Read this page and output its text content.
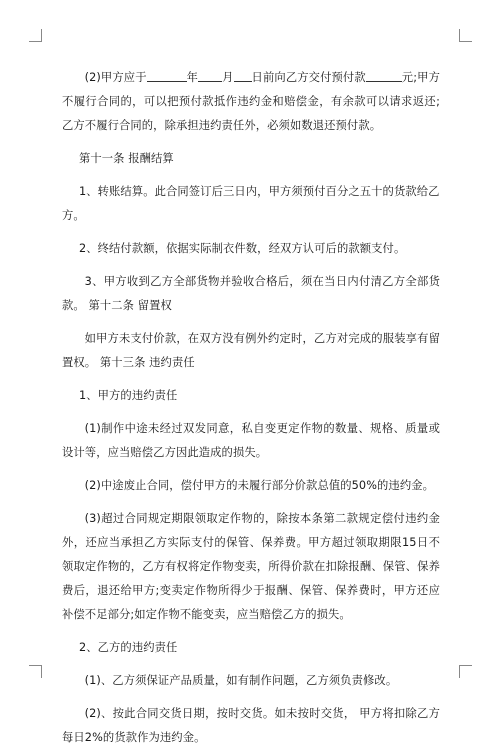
(2)甲方应于	年 月 日前向乙方交付预付款	元;甲方不履行合同的，可以把预付款抵作违约金和赔偿金，有余款可以请求返还;乙方不履行合同的，除承担违约责任外，必须如数退还预付款。

第十一条 报酬结算

1、转账结算。此合同签订后三日内，甲方须预付百分之五十的货款给乙方。

2、终结付款额，依据实际制衣件数，经双方认可后的款额支付。

3、甲方收到乙方全部货物并验收合格后，须在当日内付清乙方全部货款。 第十二条 留置权

如甲方未支付价款，在双方没有例外约定时，乙方对完成的服装享有留置权。 第十三条 违约责任

1、甲方的违约责任

(1)制作中途未经过双发同意，私自变更定作物的数量、规格、质量或设计等，应当赔偿乙方因此造成的损失。

(2)中途废止合同，偿付甲方的未履行部分价款总值的50%的违约金。

(3)超过合同规定期限领取定作物的，除按本条第二款规定偿付违约金外，还应当承担乙方实际支付的保管、保养费。甲方超过领取期限15日不领取定作物的，乙方有权将定作物变卖，所得价款在扣除报酬、保管、保养费后，退还给甲方;变卖定作物所得少于报酬、保管、保养费时，甲方还应补偿不足部分;如定作物不能变卖，应当赔偿乙方的损失。

2、乙方的违约责任

(1)、乙方须保证产品质量，如有制作问题，乙方须负责修改。

(2)、按此合同交货日期，按时交货。如未按时交货， 甲方将扣除乙方每日2%的货款作为违约金。
